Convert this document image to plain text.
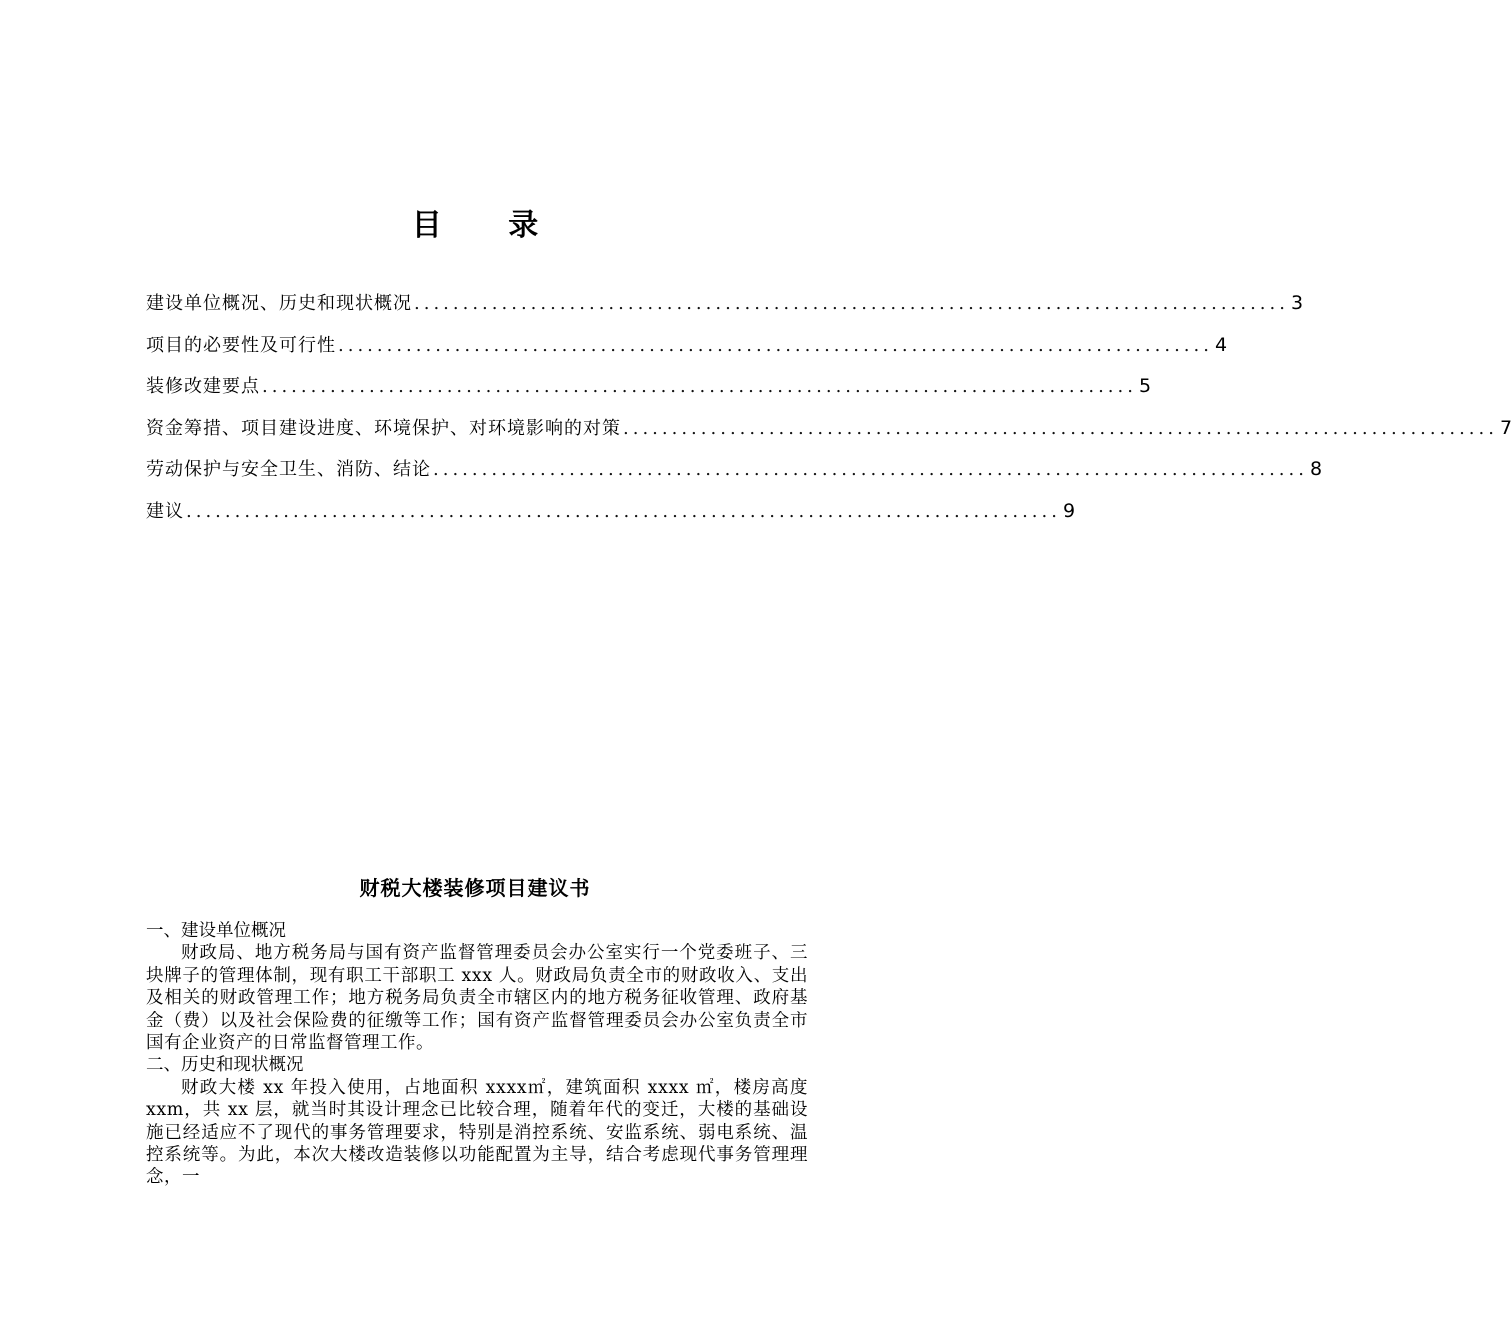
目 录
建设单位概况、历史和现状概况 .......................................................................................... 3
项目的必要性及可行性 .......................................................................................... 4
装修改建要点 .......................................................................................... 5
资金筹措、项目建设进度、环境保护、对环境影响的对策 .......................................................................................... 7
劳动保护与安全卫生、消防、结论 .......................................................................................... 8
建议 .......................................................................................... 9
财税大楼装修项目建议书
一、建设单位概况
财政局、地方税务局与国有资产监督管理委员会办公室实行一个党委班子、三块牌子的管理体制，现有职工干部职工 xxx 人。财政局负责全市的财政收入、支出及相关的财政管理工作；地方税务局负责全市辖区内的地方税务征收管理、政府基金（费）以及社会保险费的征缴等工作；国有资产监督管理委员会办公室负责全市国有企业资产的日常监督管理工作。
二、历史和现状概况
财政大楼 xx 年投入使用，占地面积 xxxx㎡，建筑面积 xxxx ㎡，楼房高度 xxm，共 xx 层，就当时其设计理念已比较合理，随着年代的变迁，大楼的基础设施已经适应不了现代的事务管理要求，特别是消控系统、安监系统、弱电系统、温控系统等。为此，本次大楼改造装修以功能配置为主导，结合考虑现代事务管理理念，一
